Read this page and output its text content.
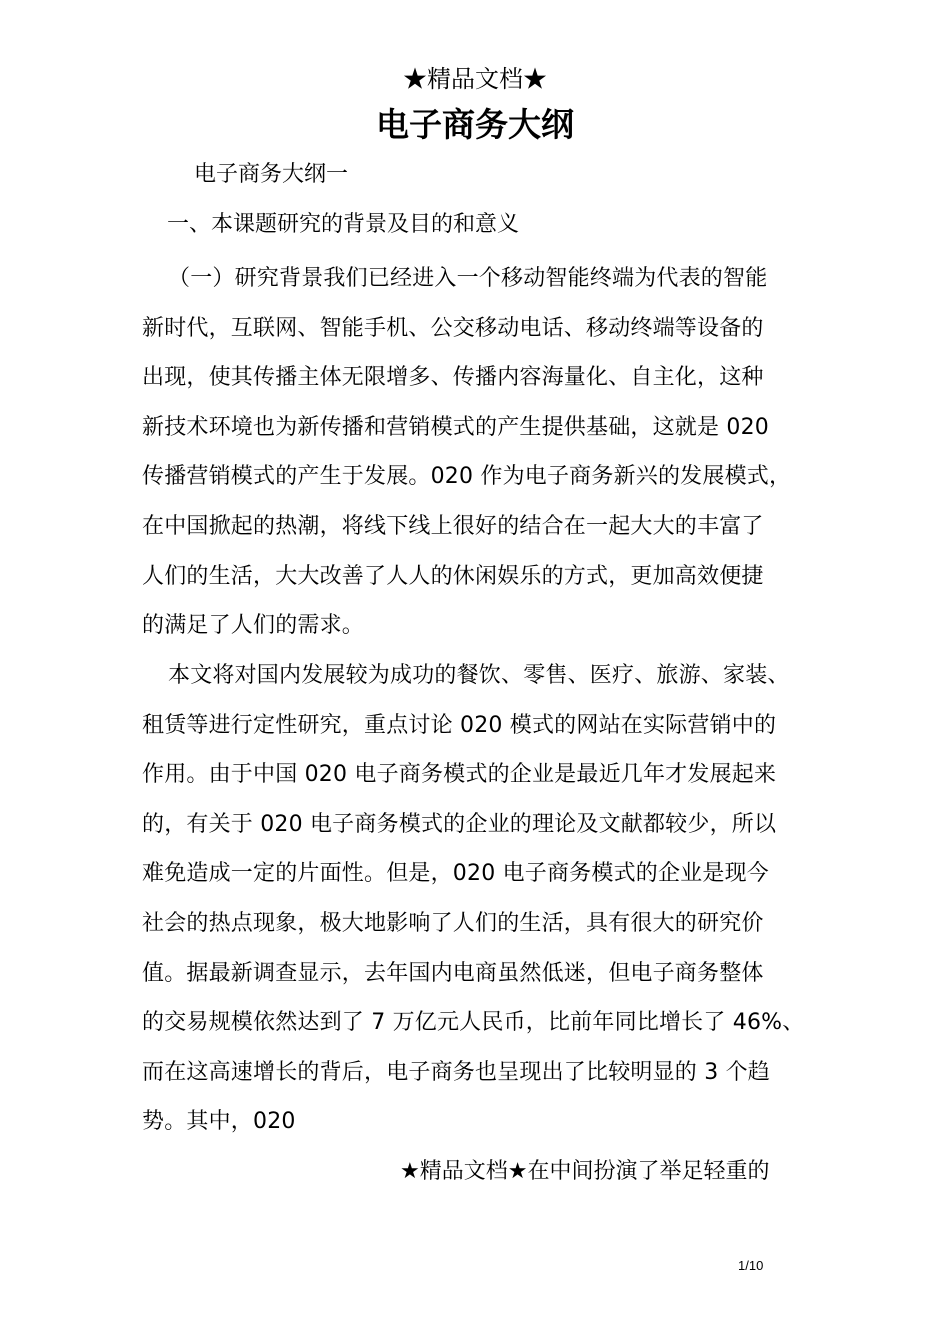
★精品文档★
电子商务大纲
电子商务大纲一
一、本课题研究的背景及目的和意义
（一）研究背景我们已经进入一个移动智能终端为代表的智能
新时代，互联网、智能手机、公交移动电话、移动终端等设备的
出现，使其传播主体无限增多、传播内容海量化、自主化，这种
新技术环境也为新传播和营销模式的产生提供基础，这就是 020
传播营销模式的产生于发展。020 作为电子商务新兴的发展模式，
在中国掀起的热潮，将线下线上很好的结合在一起大大的丰富了
人们的生活，大大改善了人人的休闲娱乐的方式，更加高效便捷
的满足了人们的需求。
本文将对国内发展较为成功的餐饮、零售、医疗、旅游、家装、
租赁等进行定性研究，重点讨论 020 模式的网站在实际营销中的
作用。由于中国 020 电子商务模式的企业是最近几年才发展起来
的，有关于 020 电子商务模式的企业的理论及文献都较少，所以
难免造成一定的片面性。但是，020 电子商务模式的企业是现今
社会的热点现象，极大地影响了人们的生活，具有很大的研究价
值。据最新调查显示，去年国内电商虽然低迷，但电子商务整体
的交易规模依然达到了 7 万亿元人民币，比前年同比增长了 46%、
而在这高速增长的背后，电子商务也呈现出了比较明显的 3 个趋
势。其中，020
★精品文档★在中间扮演了举足轻重的
1/10
